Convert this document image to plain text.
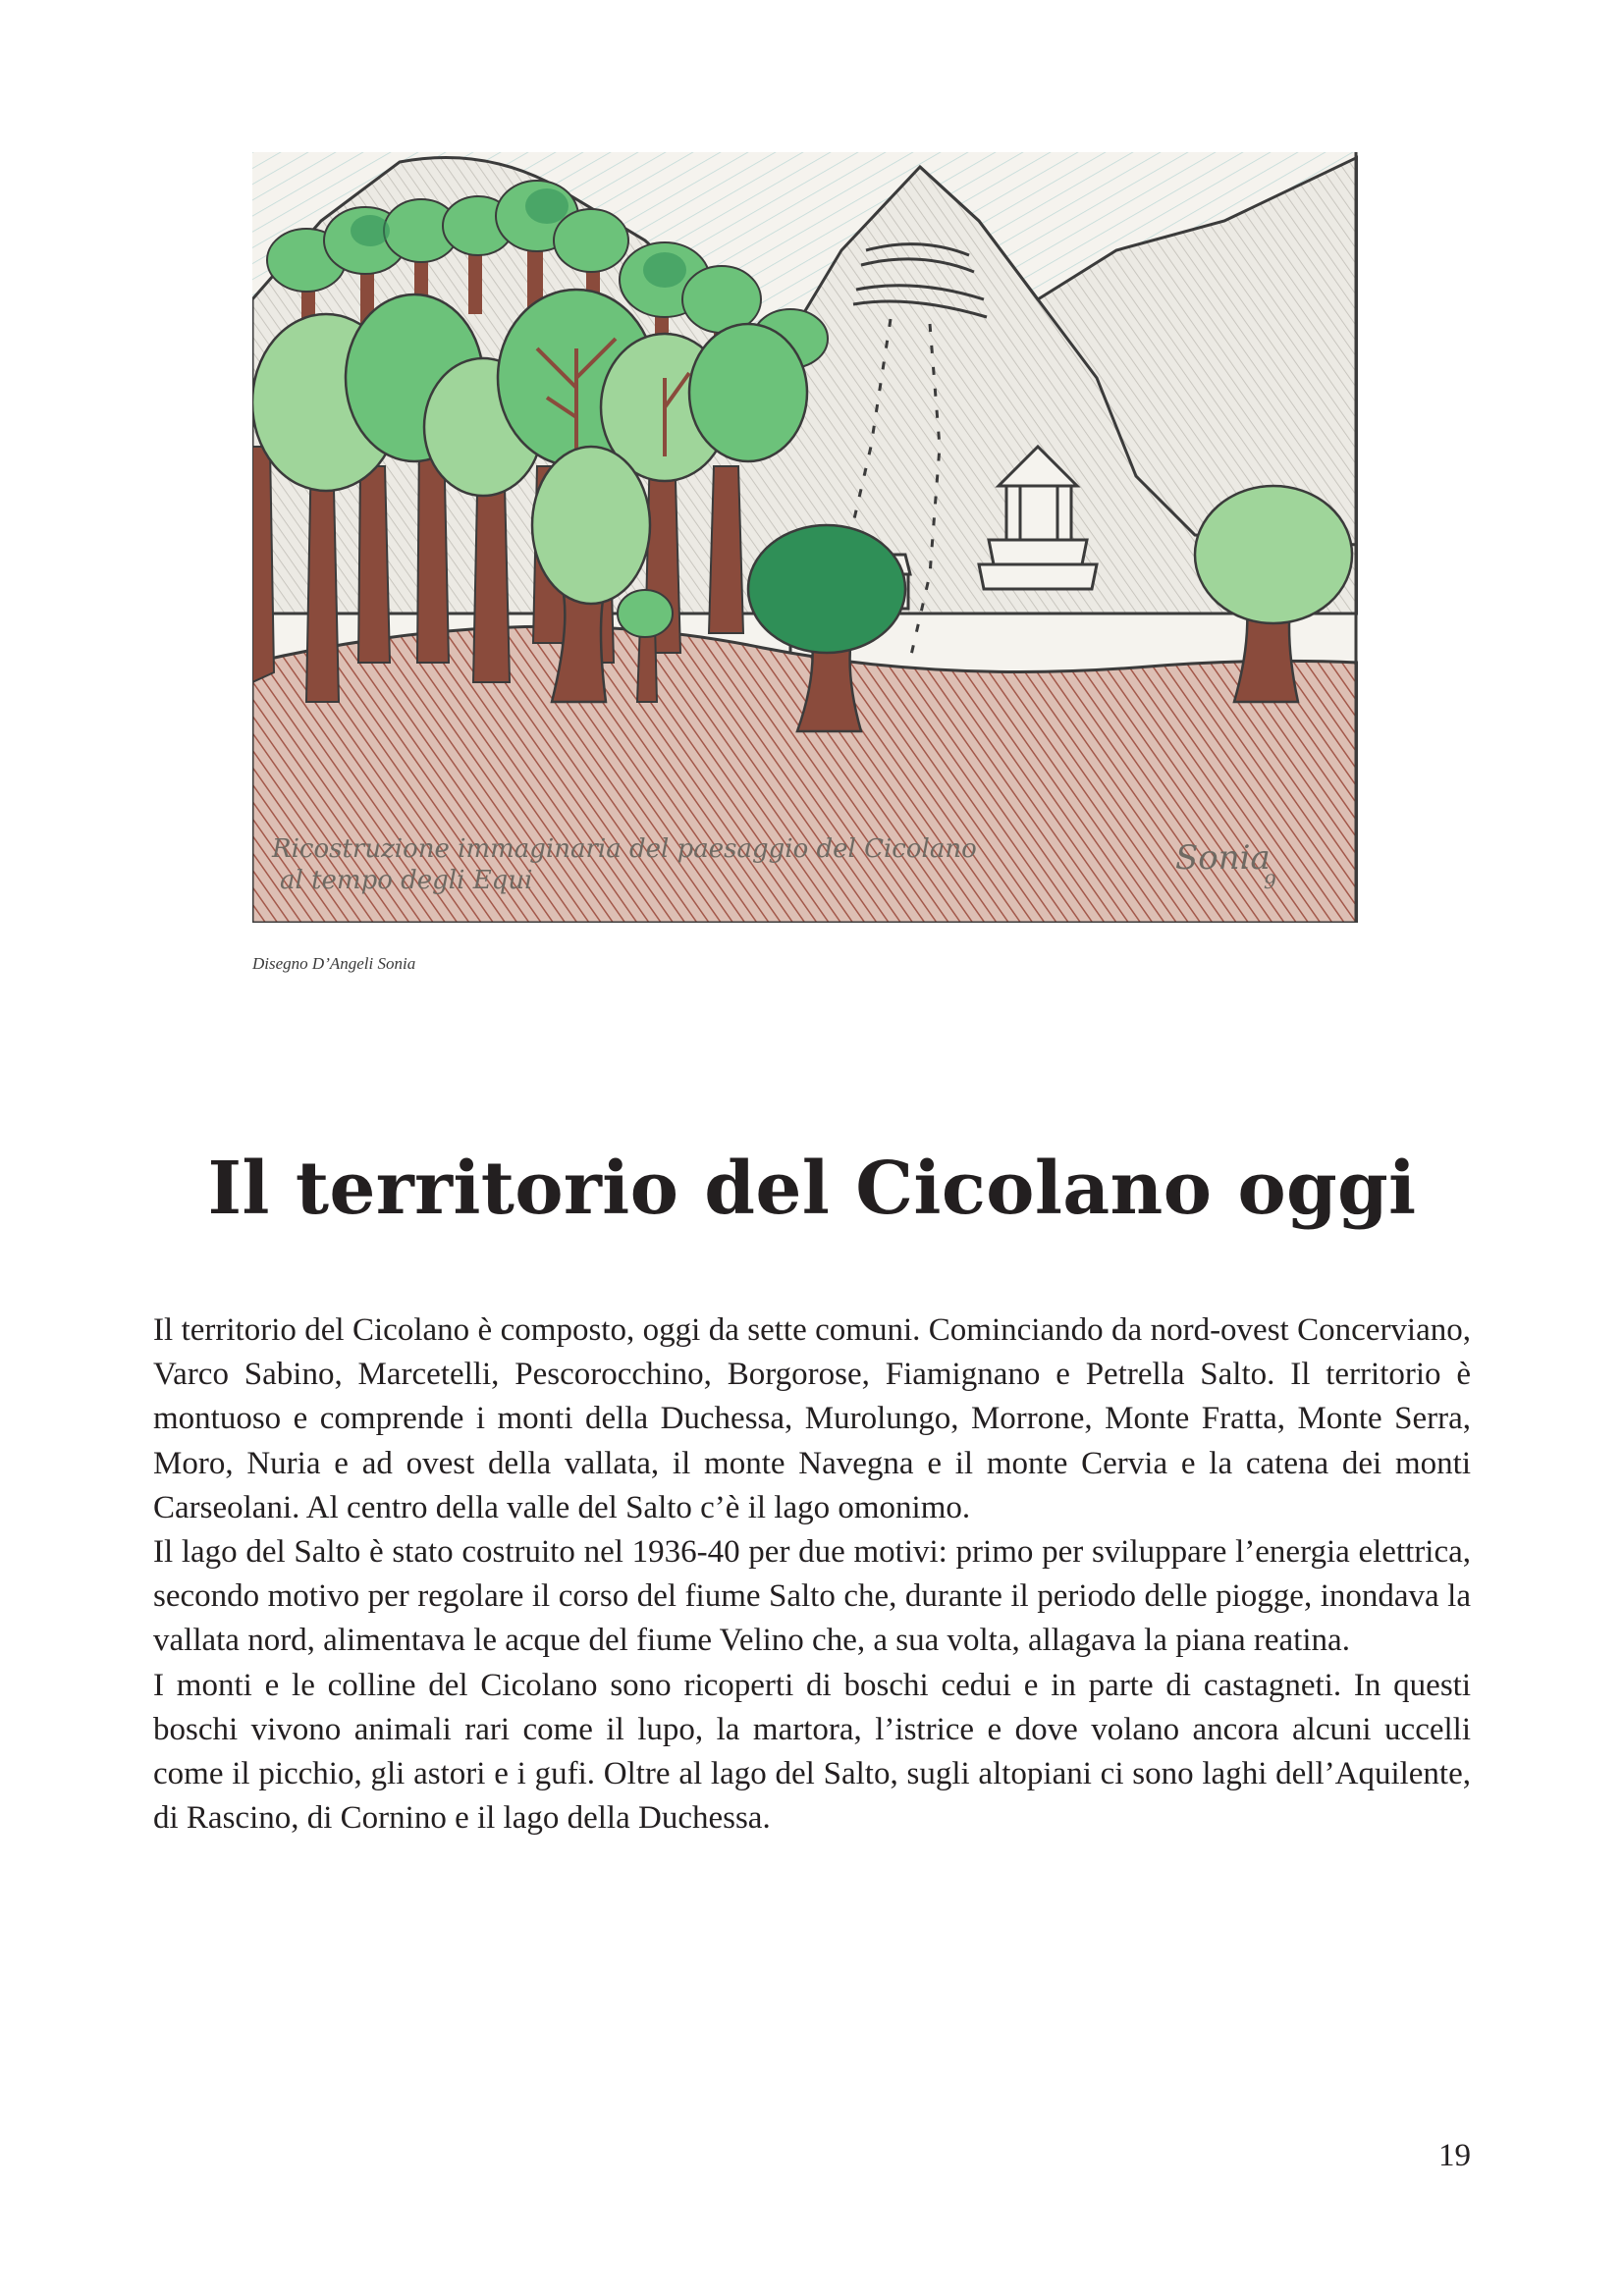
Ricostruzione immaginaria del paesaggio del Cicolano
al tempo degli Equi
Sonia
9
Disegno D’Angeli Sonia
Il territorio del Cicolano oggi

Il territorio del Cicolano è composto, oggi da sette comuni. Cominciando da nord-ovest Concerviano, Varco Sabino, Marcetelli, Pescorocchino, Borgorose, Fiamignano e Petrella Salto. Il territorio è montuoso e comprende i monti della Duchessa, Murolungo, Morrone, Monte Fratta, Monte Serra, Moro, Nuria e ad ovest della vallata, il monte Navegna e il monte Cervia e la catena dei monti Carseolani. Al centro della valle del Salto c’è il lago omonimo.

Il lago del Salto è stato costruito nel 1936-40 per due motivi: primo per sviluppare l’energia elettrica, secondo motivo per regolare il corso del fiume Salto che, durante il periodo delle piogge, inondava la vallata nord, alimentava le acque del fiume Velino che, a sua volta, allagava la piana reatina.

I monti e le colline del Cicolano sono ricoperti di boschi cedui e in parte di castagneti. In questi boschi vivono animali rari come il lupo, la martora, l’istrice e dove volano ancora alcuni uccelli come il picchio, gli astori e i gufi. Oltre al lago del Salto, sugli altopiani ci sono laghi dell’Aquilente, di Rascino, di Cornino e il lago della Duchessa.

19
